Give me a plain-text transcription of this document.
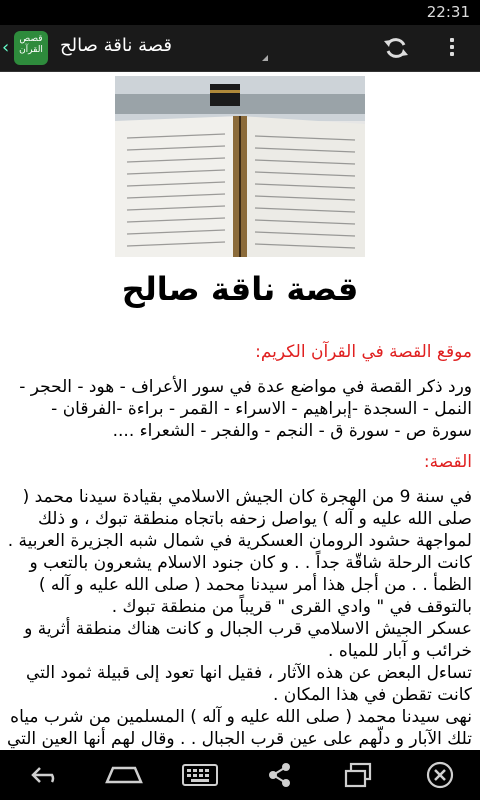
22:31
‹	قصص القرآن قصة ناقة صالح
قصة ناقة صالح
موقع القصة في القرآن الكريم:

ورد ذكر القصة في مواضع عدة في سور الأعراف - هود - الحجر - النمل - السجدة -إبراهيم - الاسراء - القمر - براءة -الفرقان - سورة ص - سورة ق - النجم - والفجر - الشعراء ....

القصة:

في سنة 9 من الهجرة كان الجيش الاسلامي بقيادة سيدنا محمد ( صلى الله عليه و آله ) يواصل زحفه باتجاه منطقة تبوك ، و ذلك لمواجهة حشود الرومان العسكرية في شمال شبه الجزيرة العربية .
كانت الرحلة شاقّة جداً . . و كان جنود الاسلام يشعرون بالتعب و الظمأ . . من أجل هذا أمر سيدنا محمد ( صلى الله عليه و آله ) بالتوقف في " وادي القرى " قريباً من منطقة تبوك .
عسكر الجيش الاسلامي قرب الجبال و كانت هناك منطقة أثرية و خرائب و آبار للمياه .
تساءل البعض عن هذه الآثار ، فقيل انها تعود إلى قبيلة ثمود التي كانت تقطن في هذا المكان .
نهى سيدنا محمد ( صلى الله عليه و آله ) المسلمين من شرب مياه تلك الآبار و دلّهم على عين قرب الجبال . . وقال لهم أنها العين التي
